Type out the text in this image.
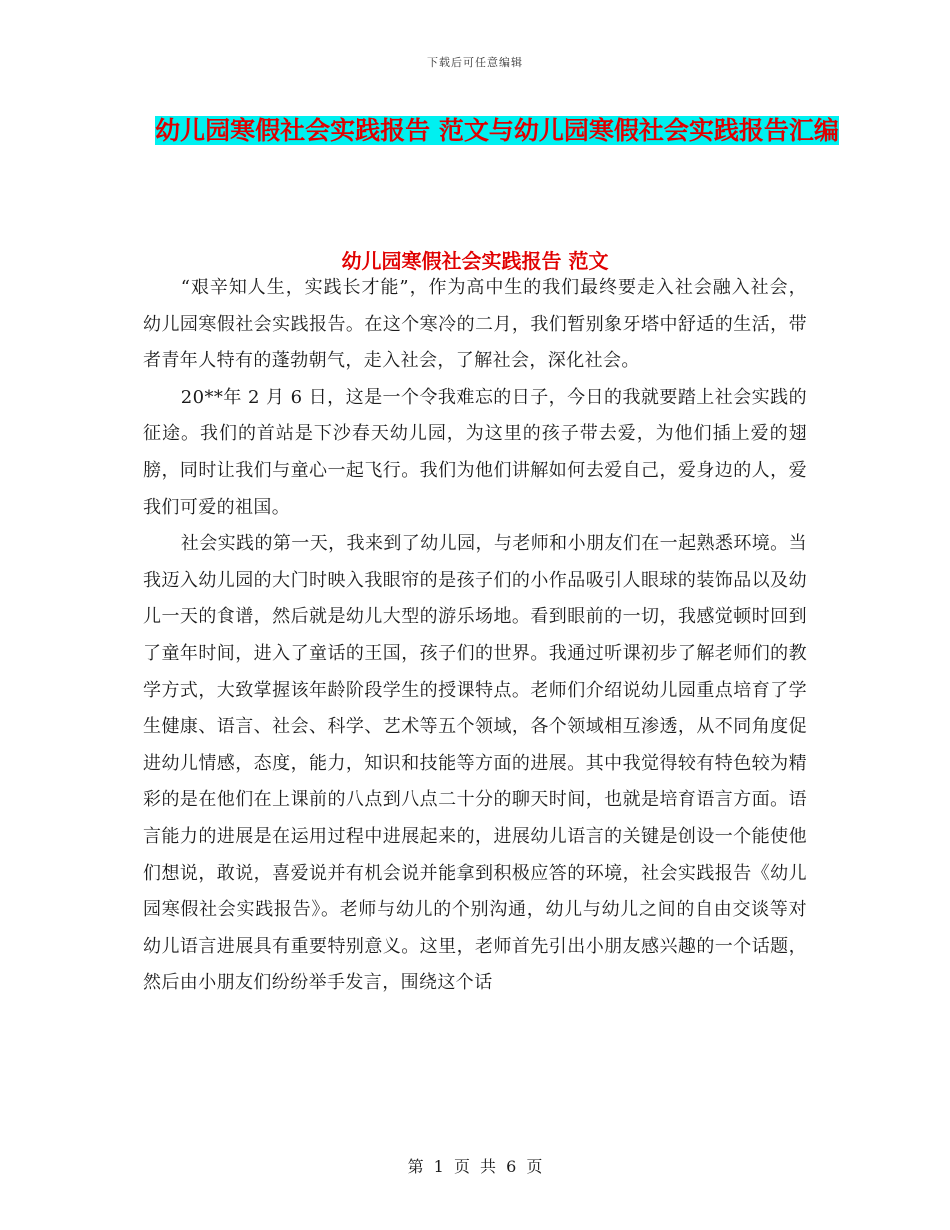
下载后可任意编辑
幼儿园寒假社会实践报告 范文与幼儿园寒假社会实践报告汇编
幼儿园寒假社会实践报告 范文

“艰辛知人生，实践长才能”，作为高中生的我们最终要走入社会融入社会，幼儿园寒假社会实践报告。在这个寒冷的二月，我们暂别象牙塔中舒适的生活，带者青年人特有的蓬勃朝气，走入社会，了解社会，深化社会。

20**年 2 月 6 日，这是一个令我难忘的日子，今日的我就要踏上社会实践的征途。我们的首站是下沙春天幼儿园，为这里的孩子带去爱，为他们插上爱的翅膀，同时让我们与童心一起飞行。我们为他们讲解如何去爱自己，爱身边的人，爱我们可爱的祖国。

社会实践的第一天，我来到了幼儿园，与老师和小朋友们在一起熟悉环境。当我迈入幼儿园的大门时映入我眼帘的是孩子们的小作品吸引人眼球的装饰品以及幼儿一天的食谱，然后就是幼儿大型的游乐场地。看到眼前的一切，我感觉顿时回到了童年时间，进入了童话的王国，孩子们的世界。我通过听课初步了解老师们的教学方式，大致掌握该年龄阶段学生的授课特点。老师们介绍说幼儿园重点培育了学生健康、语言、社会、科学、艺术等五个领域，各个领域相互渗透，从不同角度促进幼儿情感，态度，能力，知识和技能等方面的进展。其中我觉得较有特色较为精彩的是在他们在上课前的八点到八点二十分的聊天时间，也就是培育语言方面。语言能力的进展是在运用过程中进展起来的，进展幼儿语言的关键是创设一个能使他们想说，敢说，喜爱说并有机会说并能拿到积极应答的环境，社会实践报告《幼儿园寒假社会实践报告》。老师与幼儿的个别沟通，幼儿与幼儿之间的自由交谈等对幼儿语言进展具有重要特别意义。这里，老师首先引出小朋友感兴趣的一个话题，然后由小朋友们纷纷举手发言，围绕这个话

第 1 页 共 6 页
